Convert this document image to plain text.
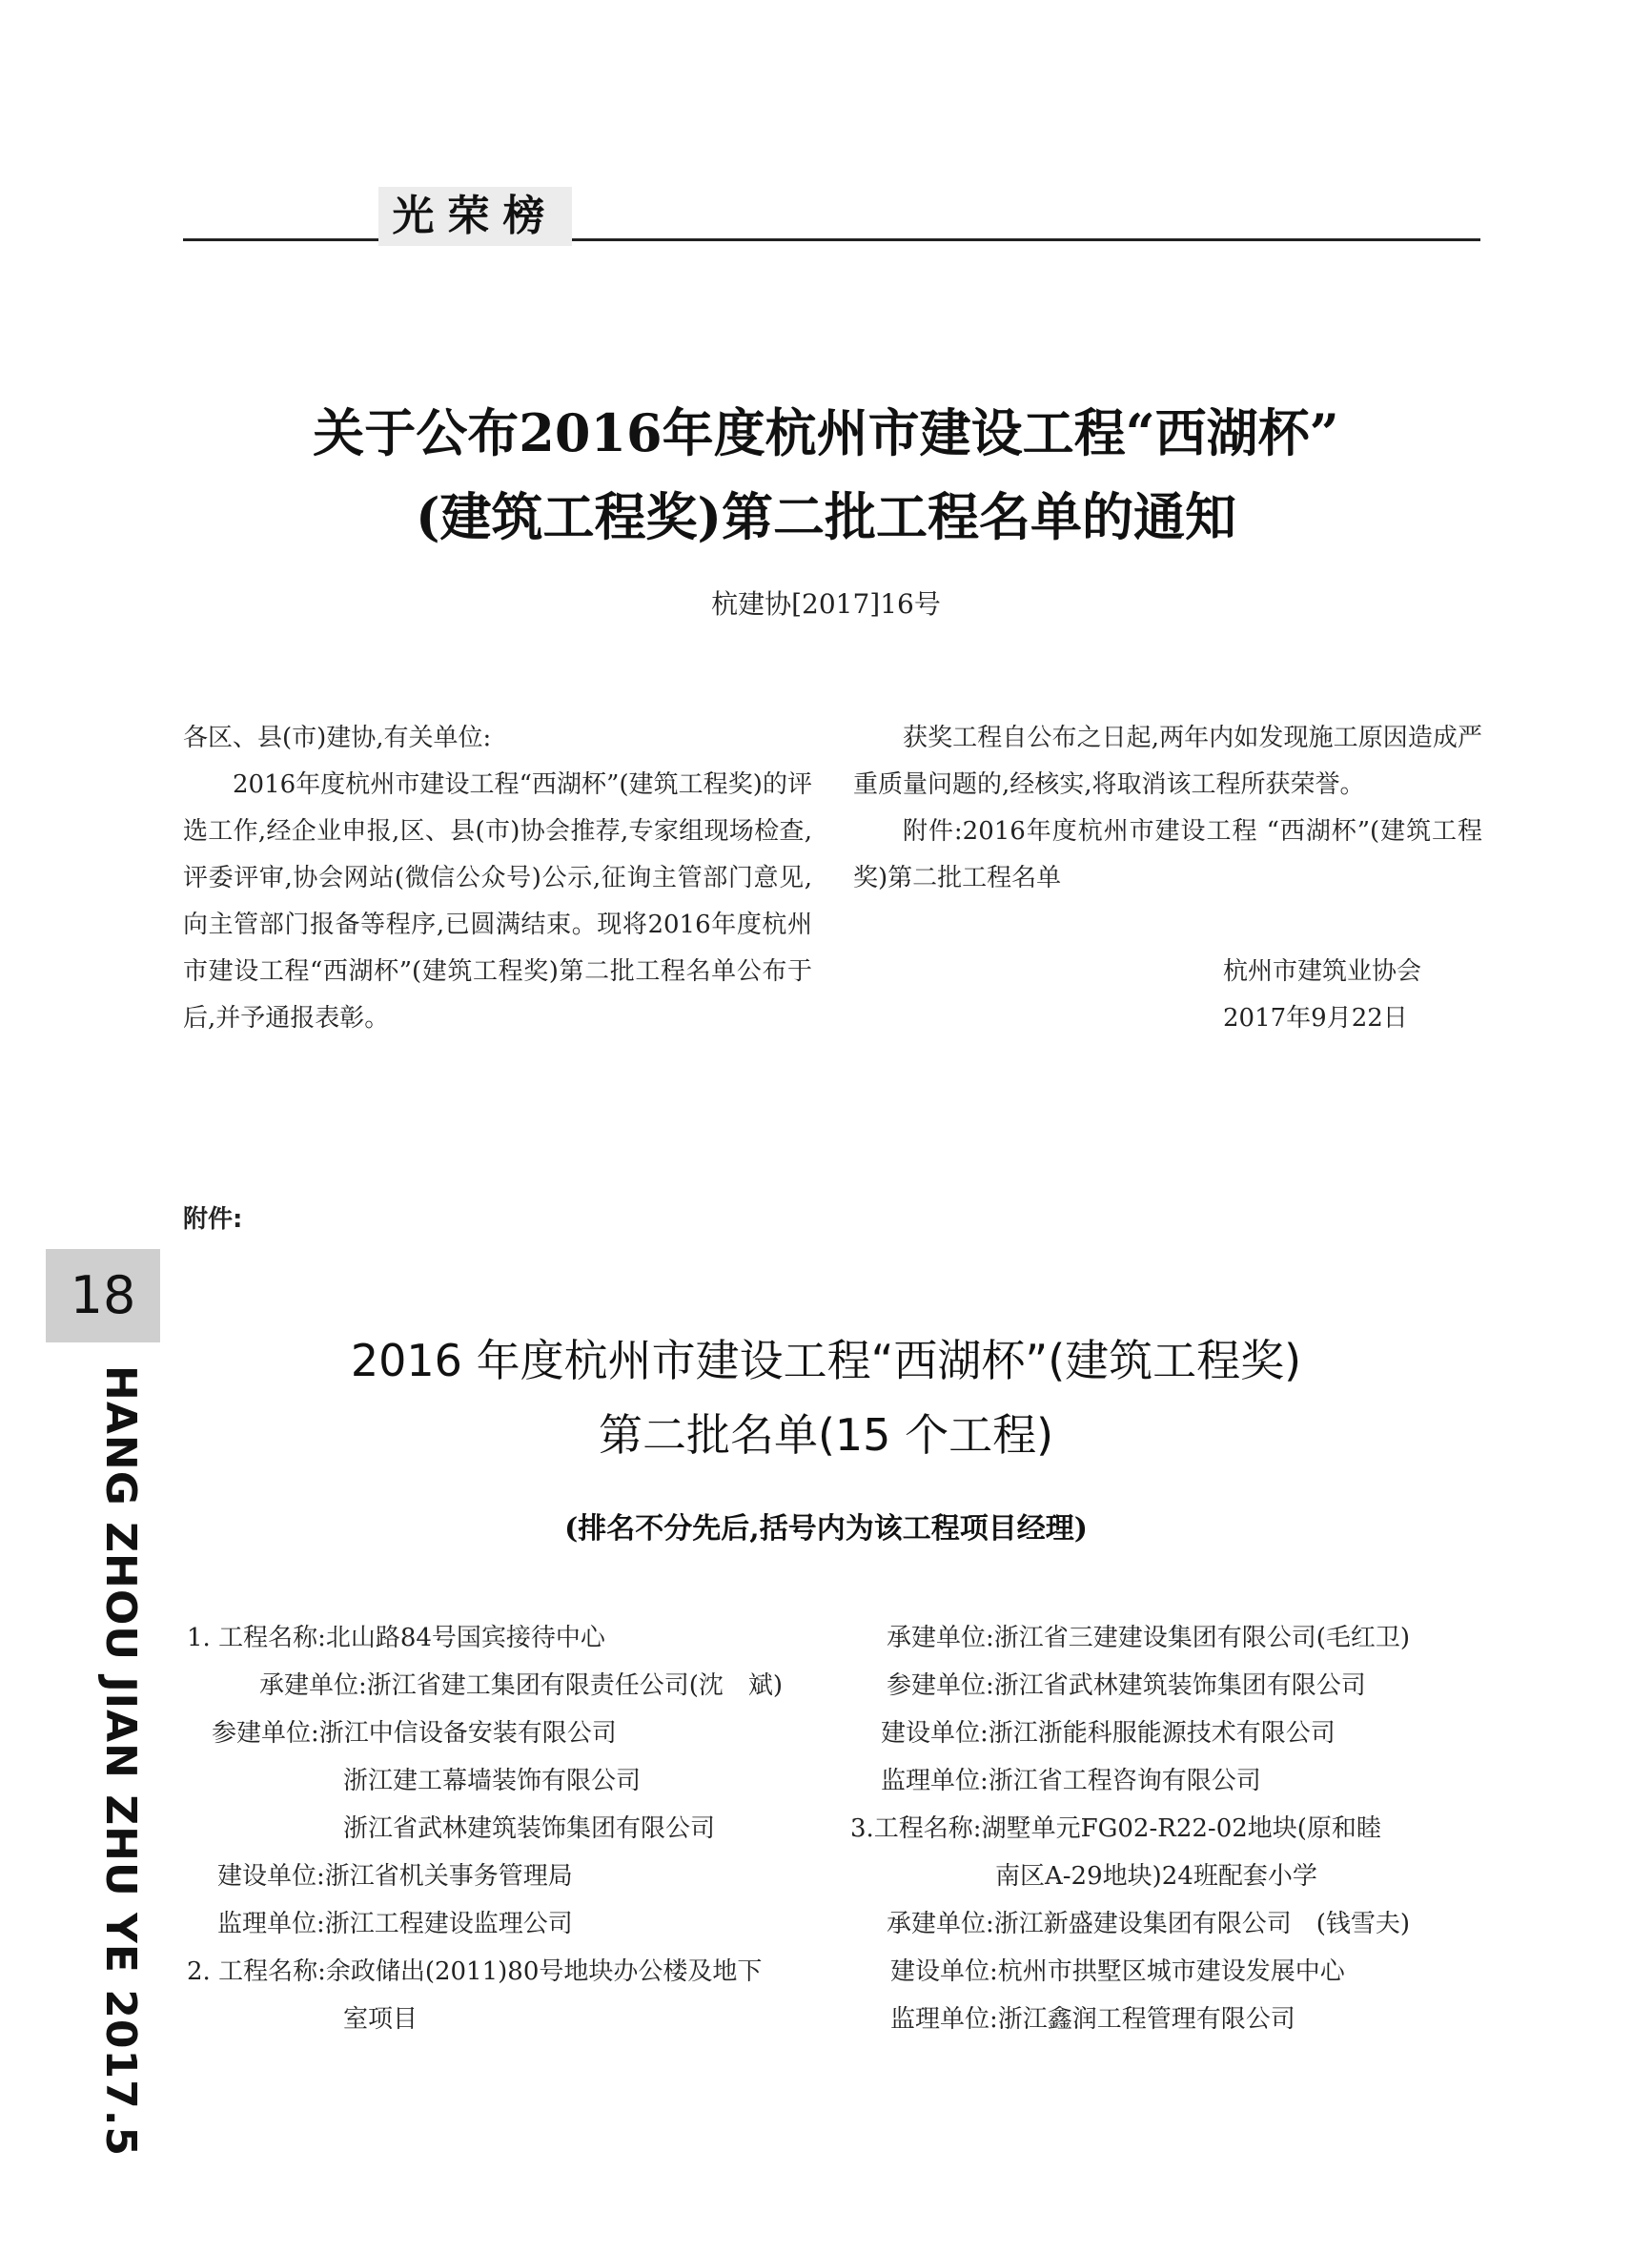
光荣榜
关于公布2016年度杭州市建设工程“西湖杯”
(建筑工程奖)第二批工程名单的通知
杭建协[2017]16号

各区、县(市)建协,有关单位:

2016年度杭州市建设工程“西湖杯”(建筑工程奖)的评选工作,经企业申报,区、县(市)协会推荐,专家组现场检查,评委评审,协会网站(微信公众号)公示,征询主管部门意见,向主管部门报备等程序,已圆满结束。现将2016年度杭州市建设工程“西湖杯”(建筑工程奖)第二批工程名单公布于后,并予通报表彰。

获奖工程自公布之日起,两年内如发现施工原因造成严重质量问题的,经核实,将取消该工程所获荣誉。

附件:2016年度杭州市建设工程 “西湖杯”(建筑工程奖)第二批工程名单

杭州市建筑业协会

2017年9月22日

附件:
18
HANG ZHOU JIAN ZHU YE 2017.5
2016 年度杭州市建设工程“西湖杯”(建筑工程奖)
第二批名单(15 个工程)
(排名不分先后,括号内为该工程项目经理)
1. 工程名称:北山路84号国宾接待中心
承建单位:浙江省建工集团有限责任公司(沈　斌)
参建单位:浙江中信设备安装有限公司
浙江建工幕墙装饰有限公司
浙江省武林建筑装饰集团有限公司
建设单位:浙江省机关事务管理局
监理单位:浙江工程建设监理公司
2. 工程名称:余政储出(2011)80号地块办公楼及地下
室项目
承建单位:浙江省三建建设集团有限公司(毛红卫)
参建单位:浙江省武林建筑装饰集团有限公司
建设单位:浙江浙能科服能源技术有限公司
监理单位:浙江省工程咨询有限公司
3.工程名称:湖墅单元FG02-R22-02地块(原和睦
南区A-29地块)24班配套小学
承建单位:浙江新盛建设集团有限公司　(钱雪夫)
建设单位:杭州市拱墅区城市建设发展中心
监理单位:浙江鑫润工程管理有限公司
